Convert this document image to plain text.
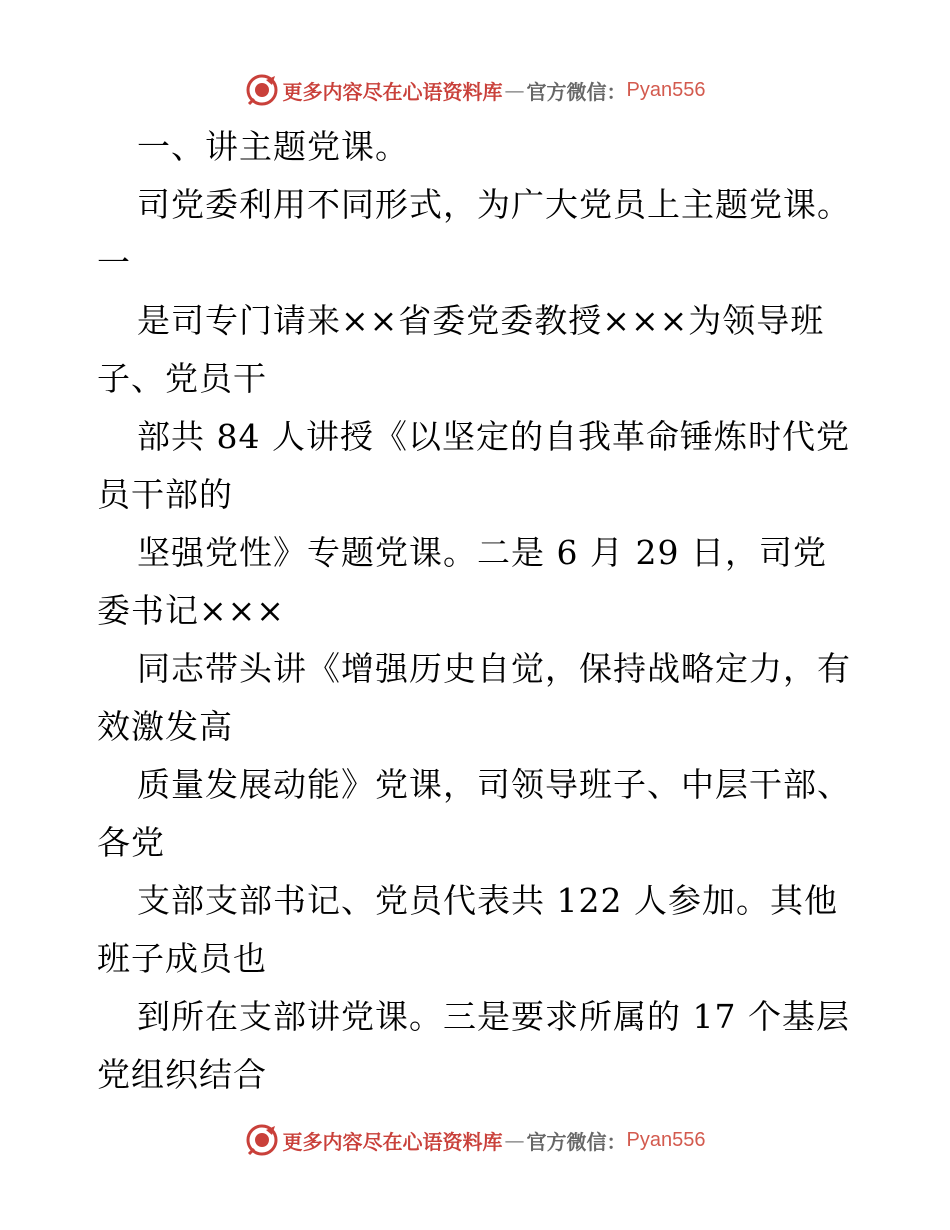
更多内容尽在心语资料库 — 官方微信： Pyan556
一、讲主题党课。
司党委利用不同形式，为广大党员上主题党课。
一
是司专门请来××省委党委教授×××为领导班
子、党员干
部共 84 人讲授《以坚定的自我革命锤炼时代党
员干部的
坚强党性》专题党课。二是 6 月 29 日，司党
委书记×××
同志带头讲《增强历史自觉，保持战略定力，有
效激发高
质量发展动能》党课，司领导班子、中层干部、
各党
支部支部书记、党员代表共 122 人参加。其他
班子成员也
到所在支部讲党课。三是要求所属的 17 个基层
党组织结合
更多内容尽在心语资料库 — 官方微信： Pyan556
